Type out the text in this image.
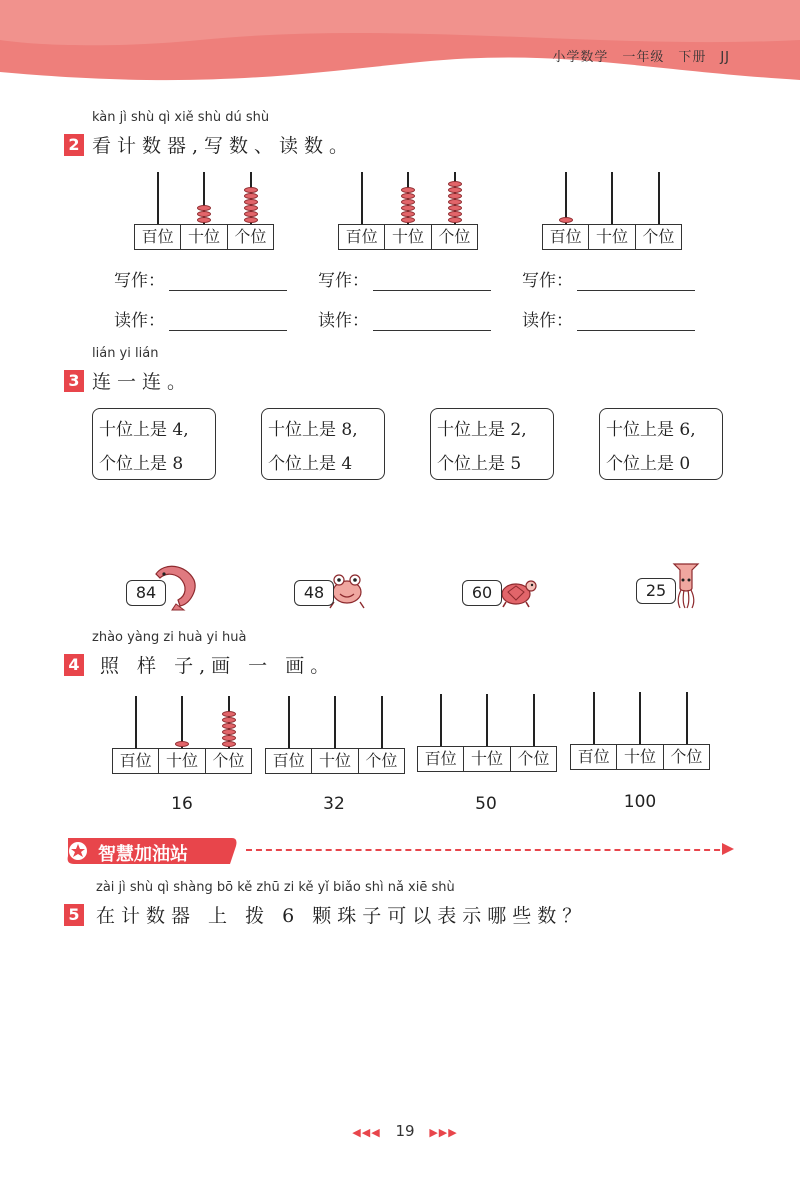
小学数学　一年级　下册　JJ
kàn jì shù qì xiě shù dú shù
2 看计数器,写数、读数。
百位 十位 个位	百位 十位 个位	百位 十位 个位
写作：	写作：	写作：
读作：	读作：	读作：
lián yi lián
3 连一连。
十位上是 4,
个位上是 8
十位上是 8,
个位上是 4
十位上是 2,
个位上是 5
十位上是 6,
个位上是 0
84	48	60	25
zhào yàng zi huà yi huà
4 照 样 子,画 一 画。
百位 十位 个位	百位 十位 个位	百位 十位 个位	百位 十位 个位
16	32	50	100
智慧加油站
zài jì shù qì shàng bō kě zhū zi kě yǐ biǎo shì nǎ xiē shù
5 在计数器 上 拨 6 颗珠子可以表示哪些数？
◀◀◀ 19 ▶▶▶
